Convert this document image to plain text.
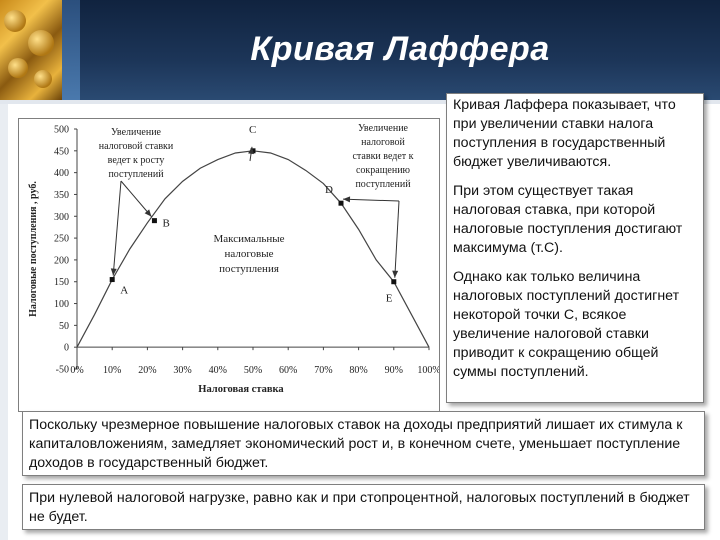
Кривая Лаффера
-50
0
50
100
150
200
250
300
350
400
450
500
0% 10% 20% 30% 40% 50% 60% 70% 80% 90% 100%
A
B
C
D
E
Увеличение
налоговой ставки
ведет к росту
поступлений
Увеличение
налоговой
ставки ведет к
сокращению
поступлений
Максимальные
налоговые
поступления
Налоговые поступления , руб.
Налоговая ставка

Кривая Лаффера показывает, что при увеличении ставки налога поступления в государственный бюджет увеличиваются.

При этом существует такая налоговая ставка, при которой налоговые поступления достигают максимума (т.С).

Однако как только величина налоговых поступлений достигнет некоторой точки С, всякое увеличение налоговой ставки приводит к сокращению общей суммы поступлений.

Поскольку чрезмерное повышение налоговых ставок на доходы предприятий лишает их стимула к капиталовложениям, замедляет экономический рост и, в конечном счете, уменьшает поступление доходов в государственный бюджет.
При нулевой налоговой нагрузке, равно как и при стопроцентной, налоговых поступлений в бюджет не будет.
